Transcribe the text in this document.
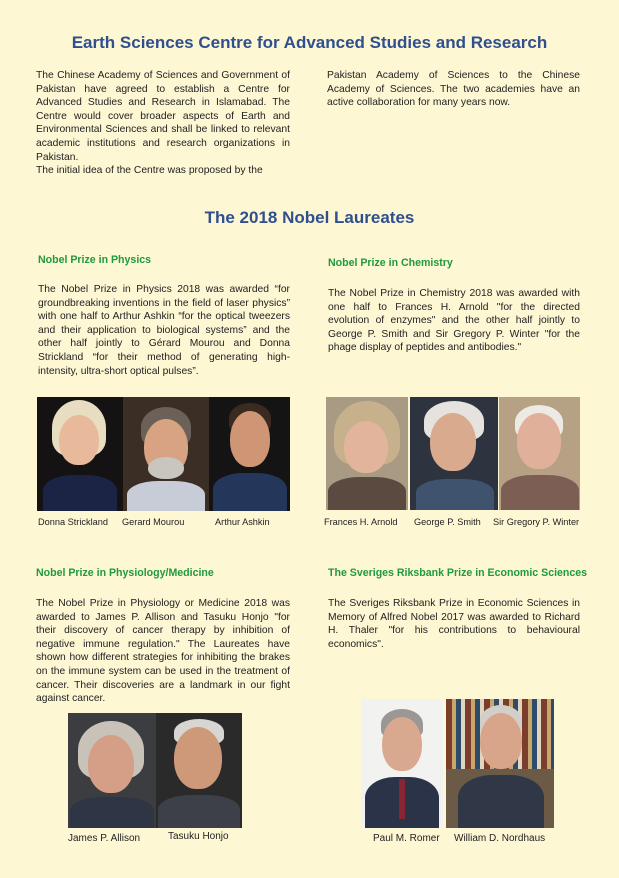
Earth Sciences Centre for Advanced Studies and Research
The Chinese Academy of Sciences and Government of Pakistan have agreed to establish a Centre for Advanced Studies and Research in Islamabad. The Centre would cover broader aspects of Earth and Environmental Sciences and shall be linked to relevant academic institutions and research organizations in Pakistan.
The initial idea of the Centre was proposed by the
Pakistan Academy of Sciences to the Chinese Academy of Sciences. The two academies have an active collaboration for many years now.
The 2018 Nobel Laureates
Nobel Prize in Physics
The Nobel Prize in Physics 2018 was awarded “for groundbreaking inventions in the field of laser physics” with one half to Arthur Ashkin “for the optical tweezers and their application to biological systems” and the other half jointly to Gérard Mourou and Donna Strickland “for their method of generating high-intensity, ultra-short optical pulses”.
Donna Strickland Gerard Mourou	Arthur Ashkin
Nobel Prize in Chemistry
The Nobel Prize in Chemistry 2018 was awarded with one half to Frances H. Arnold "for the directed evolution of enzymes" and the other half jointly to George P. Smith and Sir Gregory P. Winter "for the phage display of peptides and antibodies."
Frances H. Arnold George P. Smith Sir Gregory P. Winter
Nobel Prize in Physiology/Medicine
The Nobel Prize in Physiology or Medicine 2018 was awarded to James P. Allison and Tasuku Honjo "for their discovery of cancer therapy by inhibition of negative immune regulation." The Laureates have shown how different strategies for inhibiting the brakes on the immune system can be used in the treatment of cancer. Their discoveries are a landmark in our fight against cancer.
James P. Allison	Tasuku Honjo
The Sveriges Riksbank Prize in Economic Sciences
The Sveriges Riksbank Prize in Economic Sciences in Memory of Alfred Nobel 2017 was awarded to Richard H. Thaler "for his contributions to behavioural economics".
Paul M. Romer William D. Nordhaus
